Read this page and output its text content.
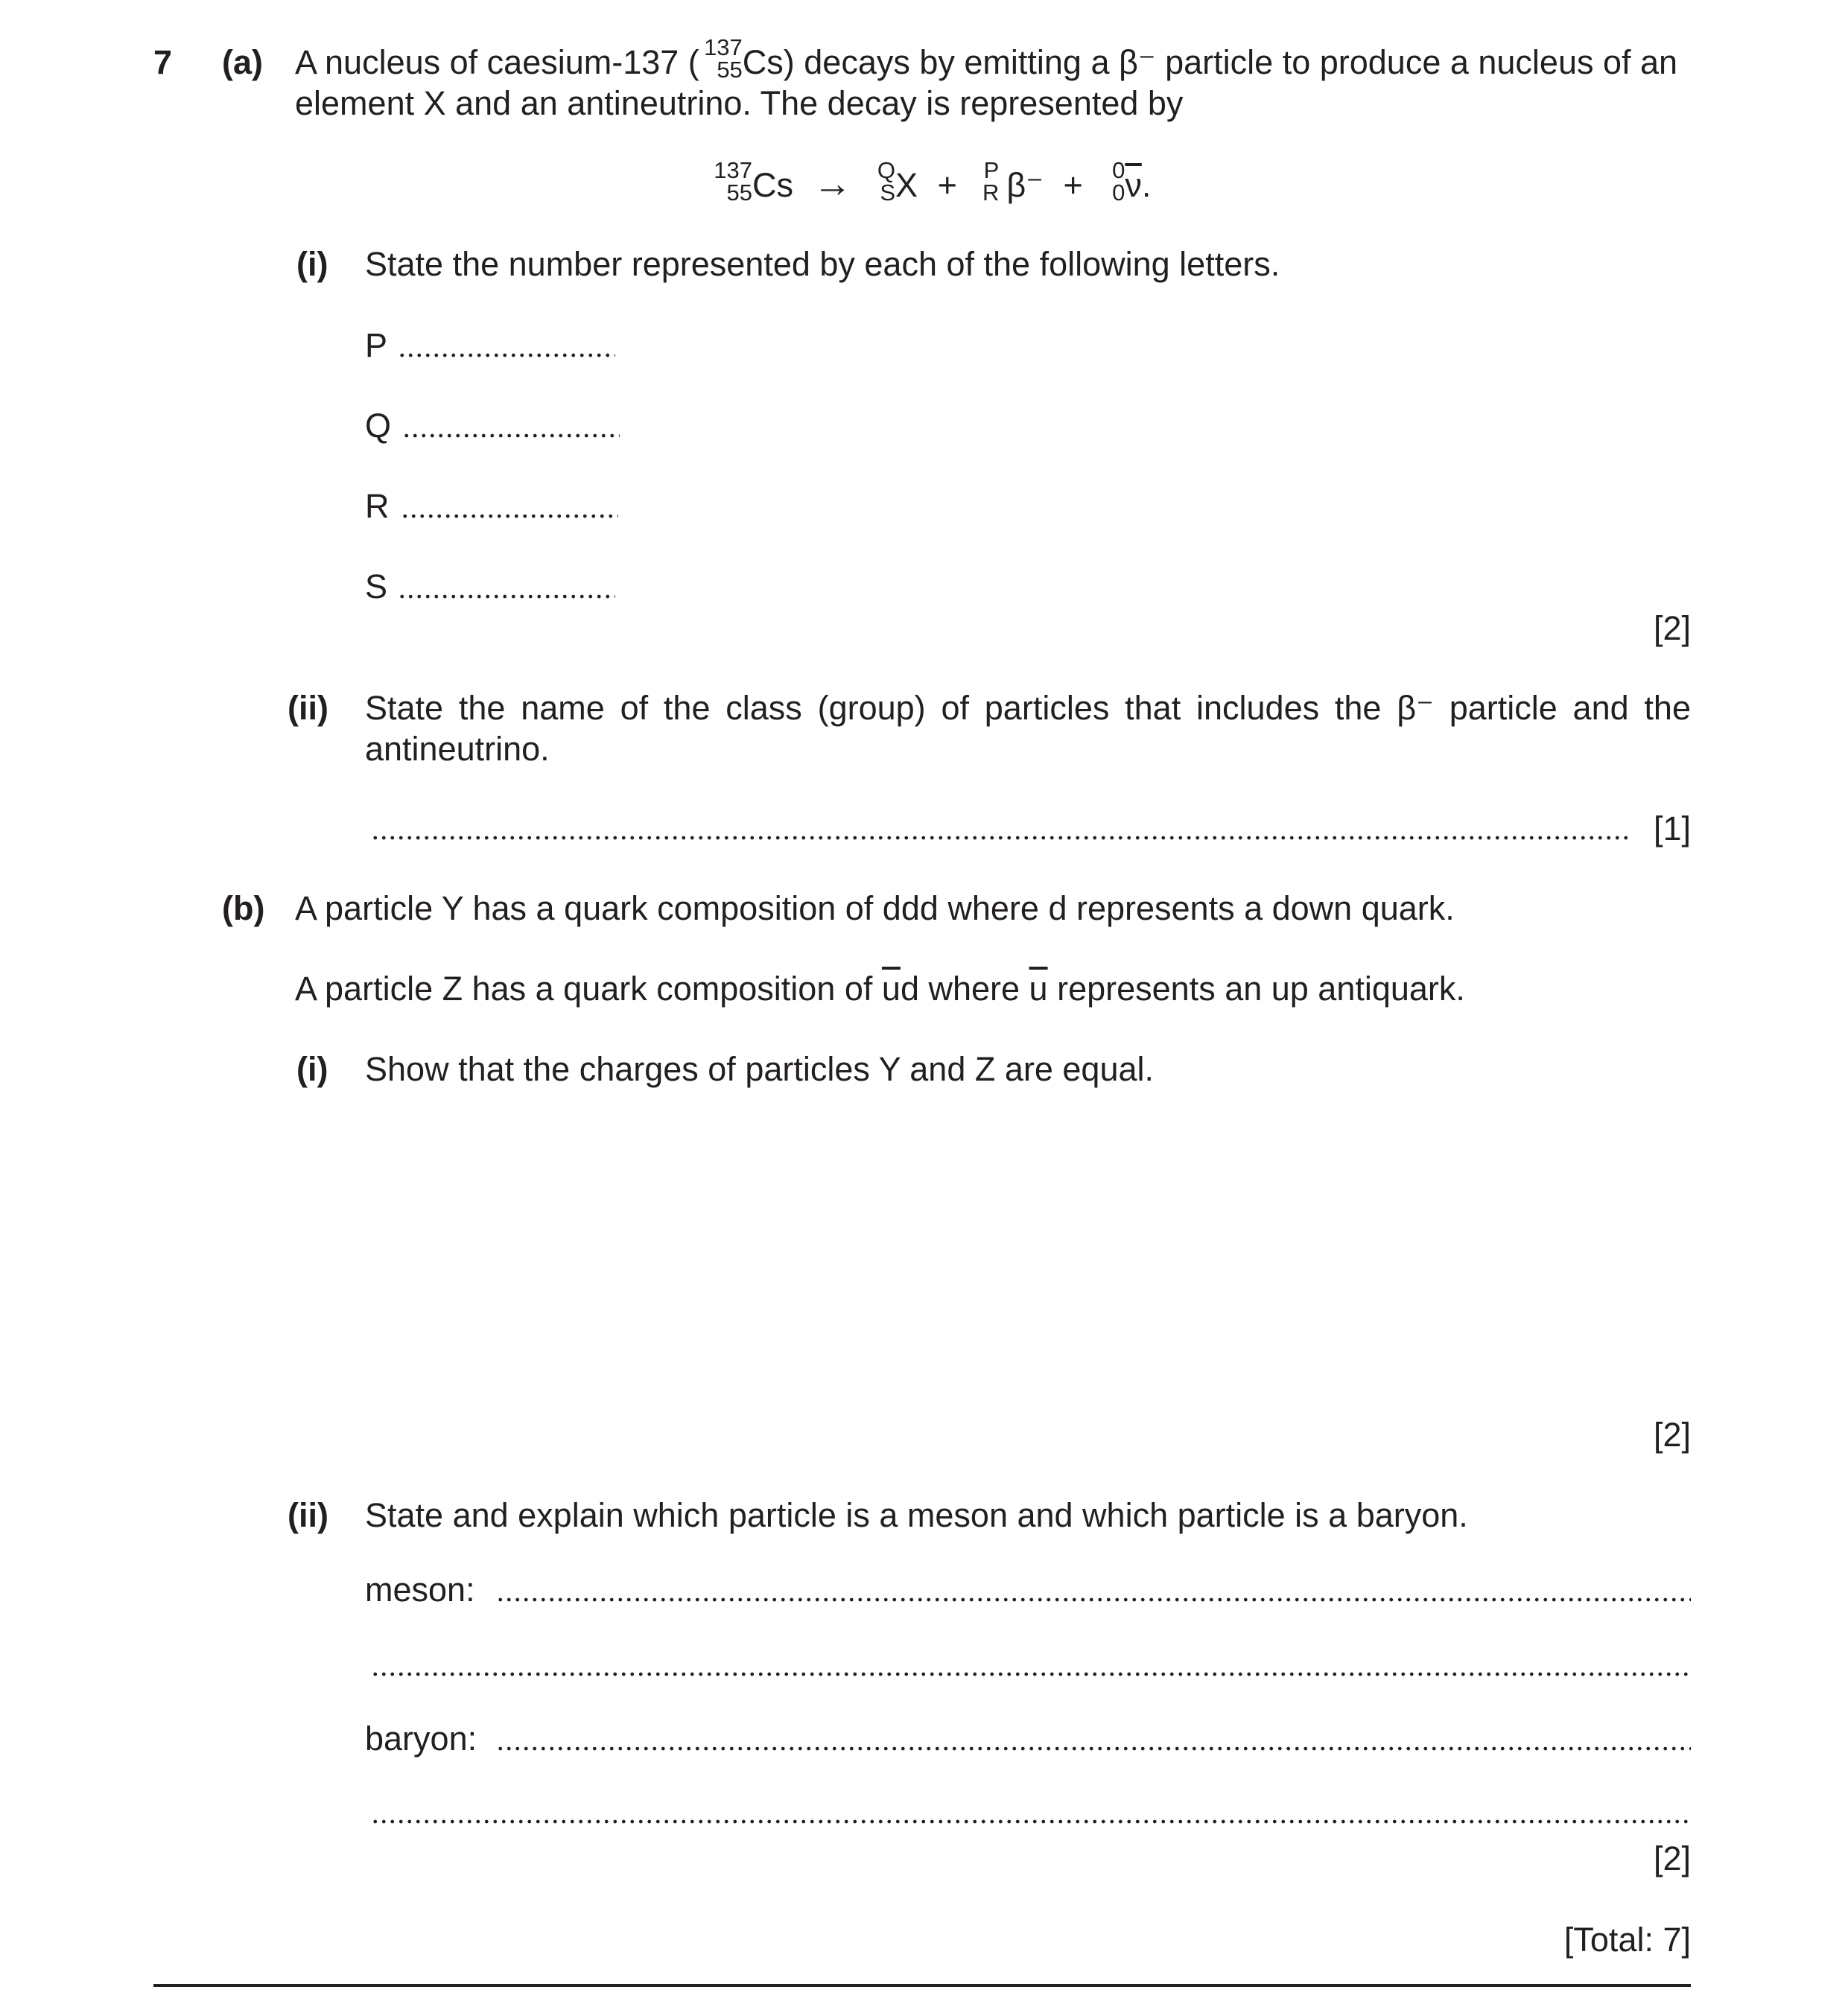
7 (a) A nucleus of caesium-137 ( 137
55 Cs) decays by emitting a β⁻ particle to produce a nucleus of an
element X and an antineutrino. The decay is represented by
137
55 Cs → Q
S X + P
R β⁻ + 0
0 $\overline{\nu}$.
(i) State the number represented by each of the following letters.
P
Q
R
S
[2]
(ii) State the name of the class (group) of particles that includes the β⁻ particle and the
antineutrino.
[1]
(b) A particle Y has a quark composition of ddd where d represents a down quark.
A particle Z has a quark composition of $\overline{u}d$ where $\overline{u}$ represents an up antiquark.
(i) Show that the charges of particles Y and Z are equal.
[2]
(ii) State and explain which particle is a meson and which particle is a baryon.
meson:
baryon:
[2]
[Total: 7]
